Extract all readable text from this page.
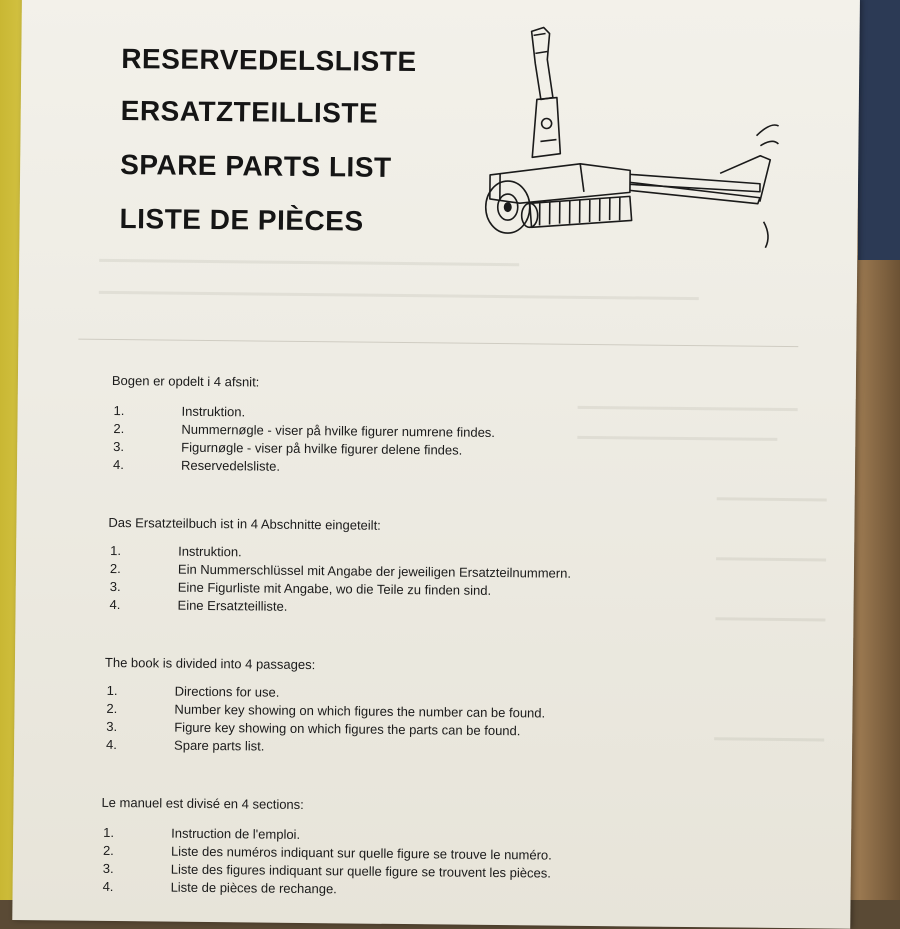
RESERVEDELSLISTE
ERSATZTEILLISTE
SPARE PARTS LIST
LISTE DE PIÈCES
Bogen er opdelt i 4 afsnit:
1.	Instruktion.
2.	Nummernøgle - viser på hvilke figurer numrene findes.
3.	Figurnøgle - viser på hvilke figurer delene findes.
4.	Reservedelsliste.
Das Ersatzteilbuch ist in 4 Abschnitte eingeteilt:
1.	Instruktion.
2.	Ein Nummerschlüssel mit Angabe der jeweiligen Ersatzteilnummern.
3.	Eine Figurliste mit Angabe, wo die Teile zu finden sind.
4.	Eine Ersatzteilliste.
The book is divided into 4 passages:
1.	Directions for use.
2.	Number key showing on which figures the number can be found.
3.	Figure key showing on which figures the parts can be found.
4.	Spare parts list.
Le manuel est divisé en 4 sections:
1.	Instruction de l'emploi.
2.	Liste des numéros indiquant sur quelle figure se trouve le numéro.
3.	Liste des figures indiquant sur quelle figure se trouvent les pièces.
4.	Liste de pièces de rechange.
